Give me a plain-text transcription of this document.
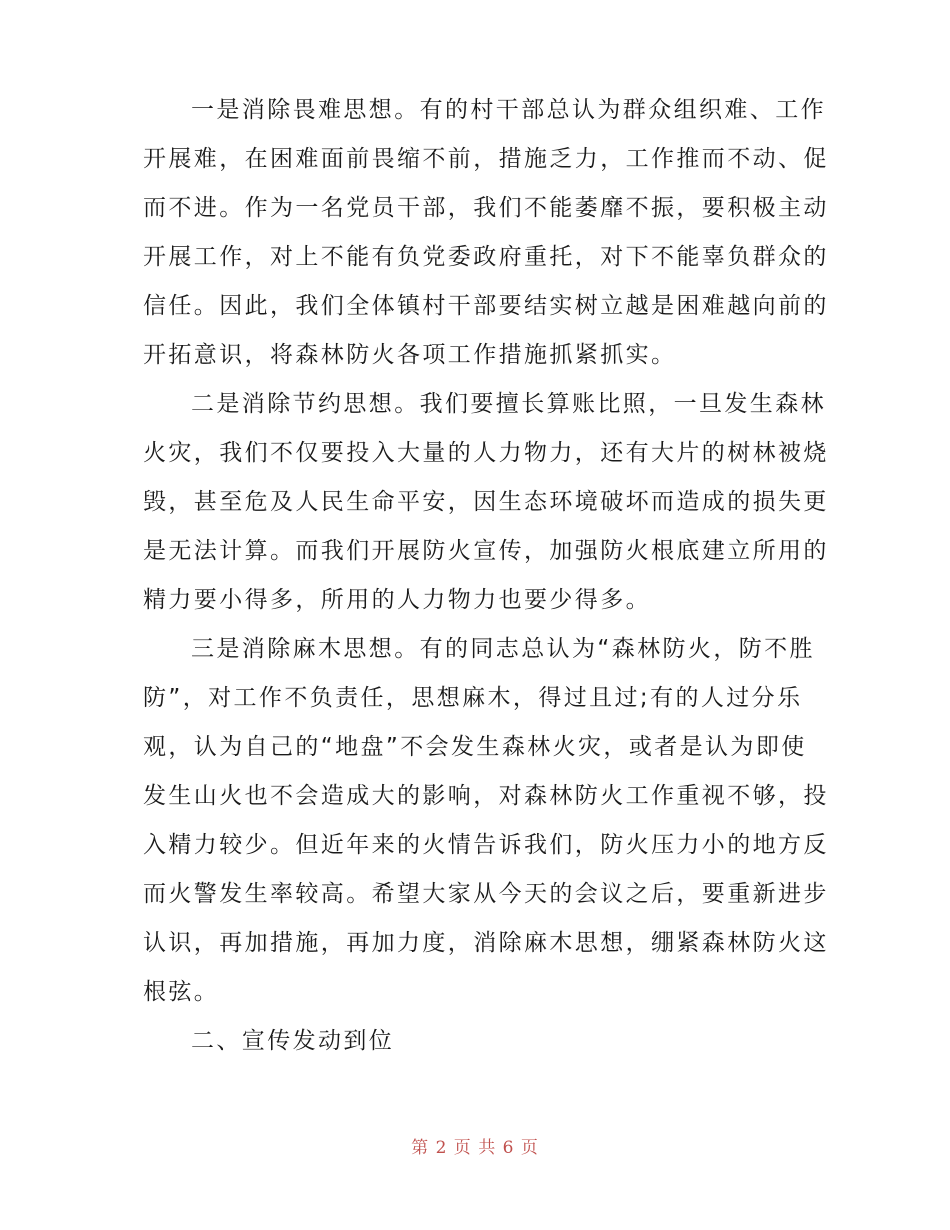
一是消除畏难思想。有的村干部总认为群众组织难、工作
开展难，在困难面前畏缩不前，措施乏力，工作推而不动、促
而不进。作为一名党员干部，我们不能萎靡不振，要积极主动
开展工作，对上不能有负党委政府重托，对下不能辜负群众的
信任。因此，我们全体镇村干部要结实树立越是困难越向前的
开拓意识，将森林防火各项工作措施抓紧抓实。
二是消除节约思想。我们要擅长算账比照，一旦发生森林
火灾，我们不仅要投入大量的人力物力，还有大片的树林被烧
毁，甚至危及人民生命平安，因生态环境破坏而造成的损失更
是无法计算。而我们开展防火宣传，加强防火根底建立所用的
精力要小得多，所用的人力物力也要少得多。
三是消除麻木思想。有的同志总认为“森林防火，防不胜
防”，对工作不负责任，思想麻木，得过且过;有的人过分乐
观，认为自己的“地盘”不会发生森林火灾，或者是认为即使
发生山火也不会造成大的影响，对森林防火工作重视不够，投
入精力较少。但近年来的火情告诉我们，防火压力小的地方反
而火警发生率较高。希望大家从今天的会议之后，要重新进步
认识，再加措施，再加力度，消除麻木思想，绷紧森林防火这
根弦。
二、宣传发动到位
第 2 页 共 6 页
